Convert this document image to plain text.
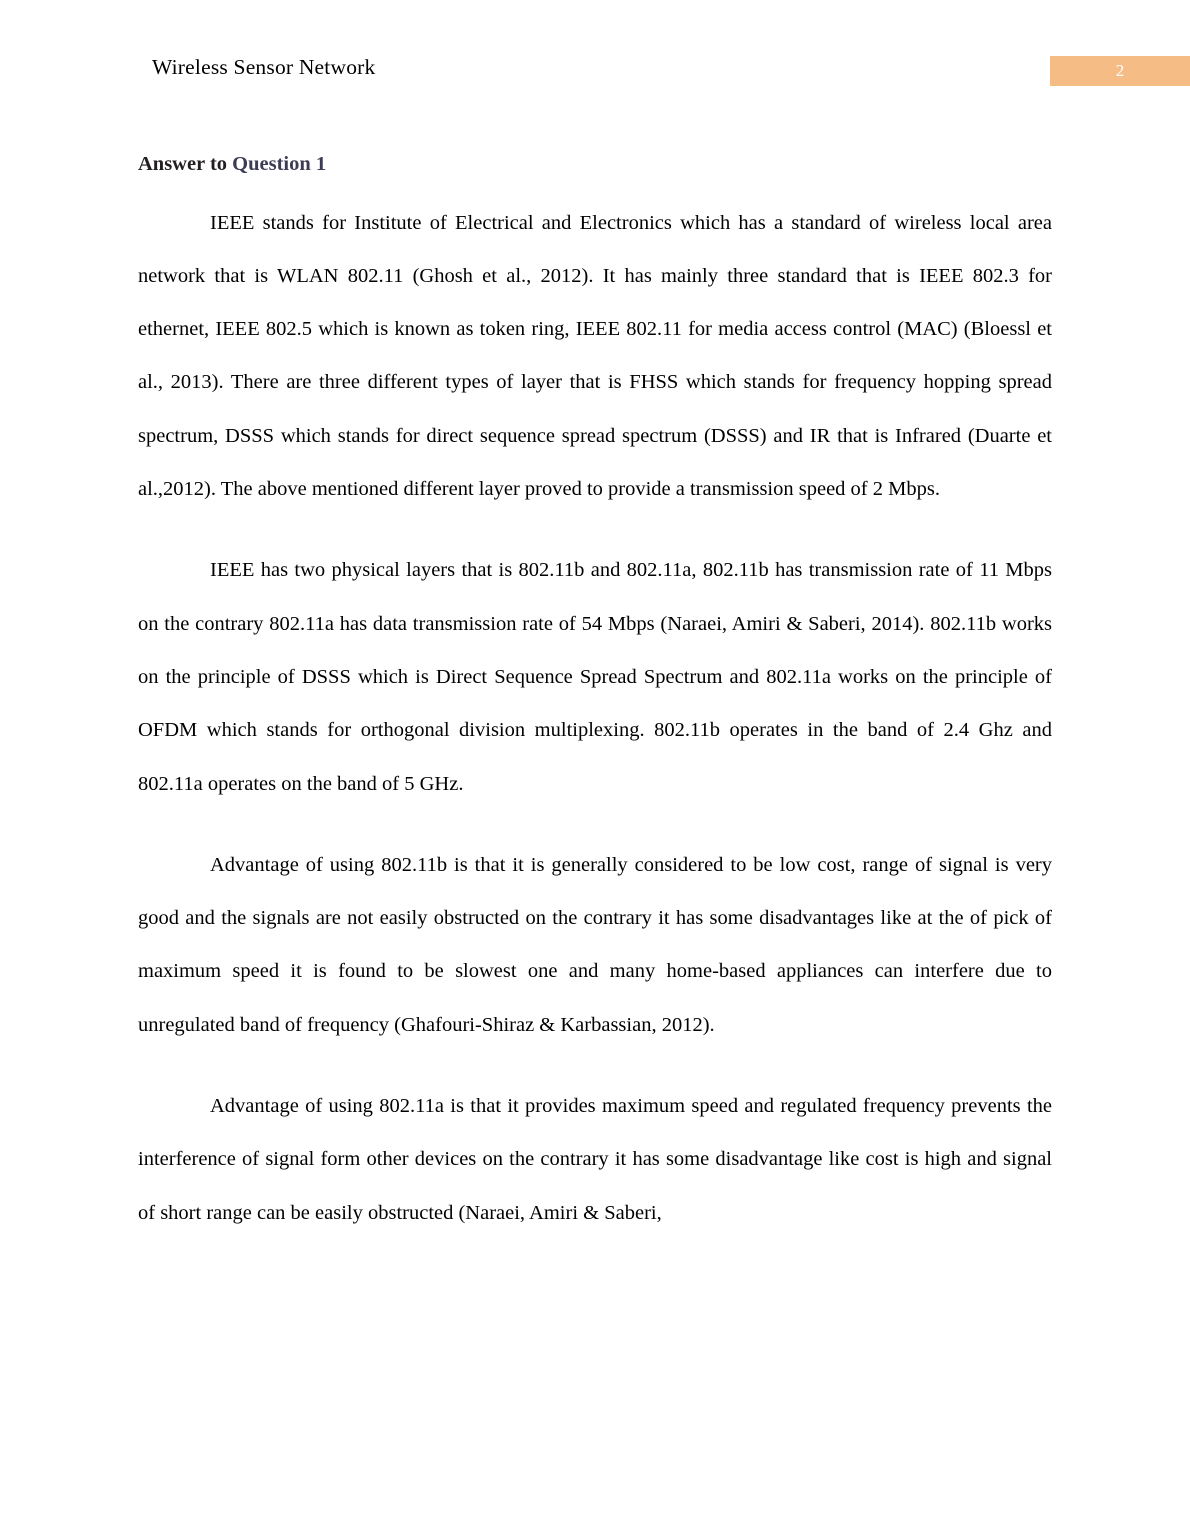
Wireless Sensor Network	2
Answer to Question 1

IEEE stands for Institute of Electrical and Electronics which has a standard of wireless local area network that is WLAN 802.11 (Ghosh et al., 2012). It has mainly three standard that is IEEE 802.3 for ethernet, IEEE 802.5 which is known as token ring, IEEE 802.11 for media access control (MAC) (Bloessl et al., 2013). There are three different types of layer that is FHSS which stands for frequency hopping spread spectrum, DSSS which stands for direct sequence spread spectrum (DSSS) and IR that is Infrared (Duarte et al.,2012). The above mentioned different layer proved to provide a transmission speed of 2 Mbps.

IEEE has two physical layers that is 802.11b and 802.11a, 802.11b has transmission rate of 11 Mbps on the contrary 802.11a has data transmission rate of 54 Mbps (Naraei, Amiri & Saberi, 2014). 802.11b works on the principle of DSSS which is Direct Sequence Spread Spectrum and 802.11a works on the principle of OFDM which stands for orthogonal division multiplexing. 802.11b operates in the band of 2.4 Ghz and 802.11a operates on the band of 5 GHz.

Advantage of using 802.11b is that it is generally considered to be low cost, range of signal is very good and the signals are not easily obstructed on the contrary it has some disadvantages like at the of pick of maximum speed it is found to be slowest one and many home-based appliances can interfere due to unregulated band of frequency (Ghafouri-Shiraz & Karbassian, 2012).

Advantage of using 802.11a is that it provides maximum speed and regulated frequency prevents the interference of signal form other devices on the contrary it has some disadvantage like cost is high and signal of short range can be easily obstructed (Naraei, Amiri & Saberi,
